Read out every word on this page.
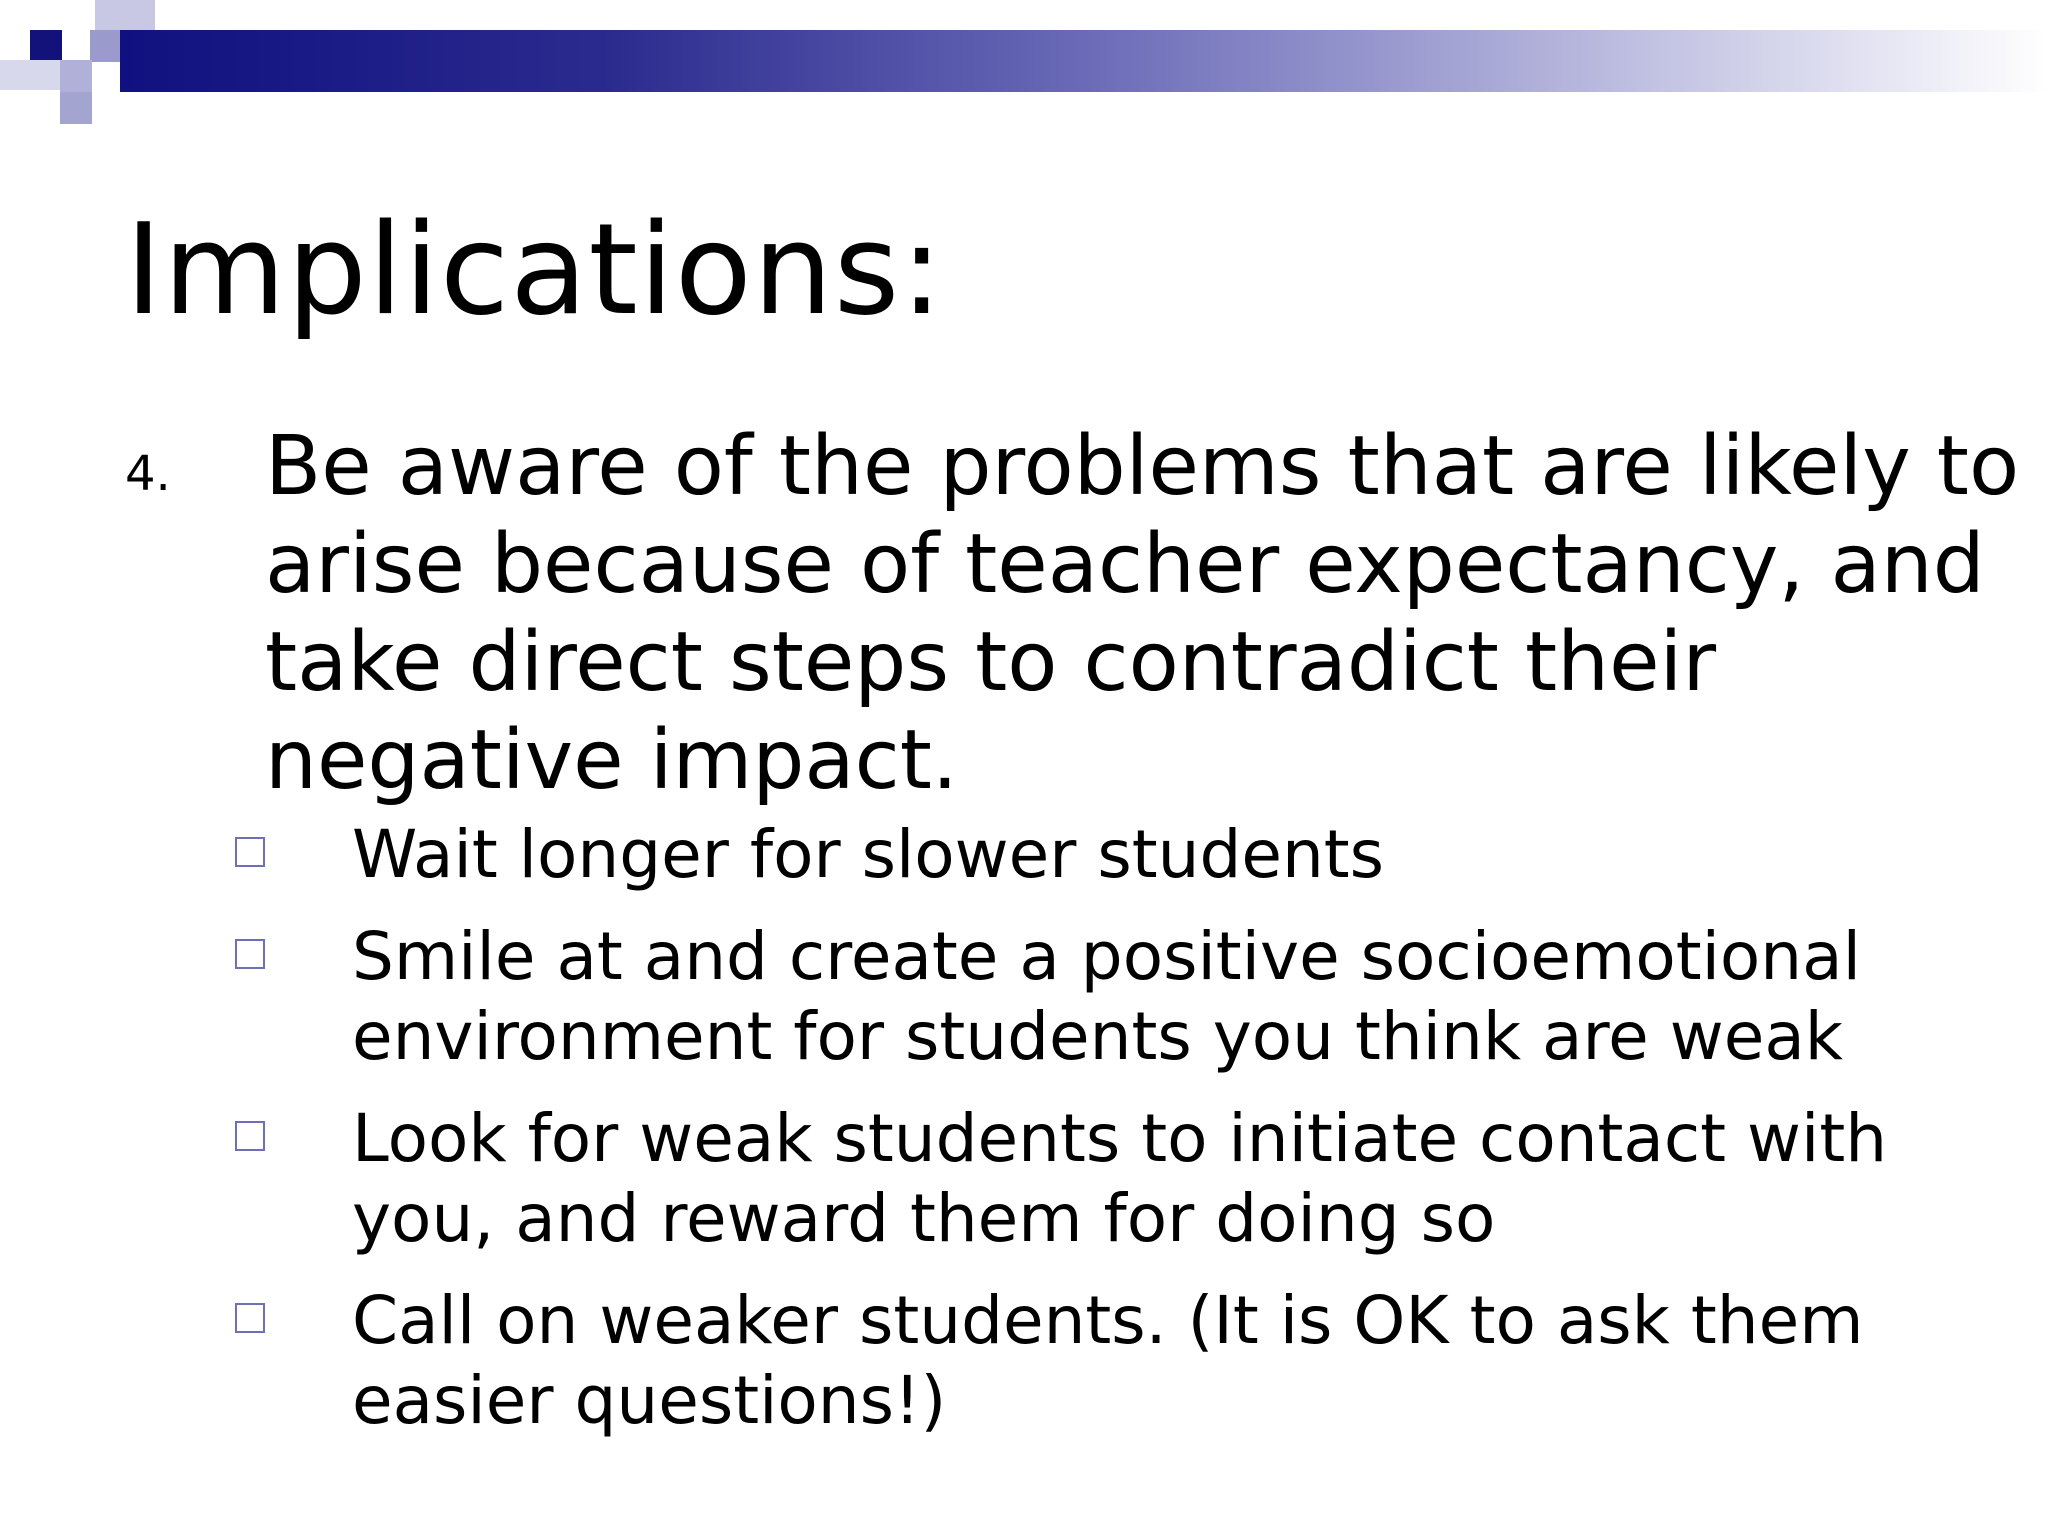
Implications:
4. Be aware of the problems that are likely to arise because of teacher expectancy, and take direct steps to contradict their negative impact.
Wait longer for slower students
Smile at and create a positive socioemotional environment for students you think are weak
Look for weak students to initiate contact with you, and reward them for doing so
Call on weaker students. (It is OK to ask them easier questions!)
